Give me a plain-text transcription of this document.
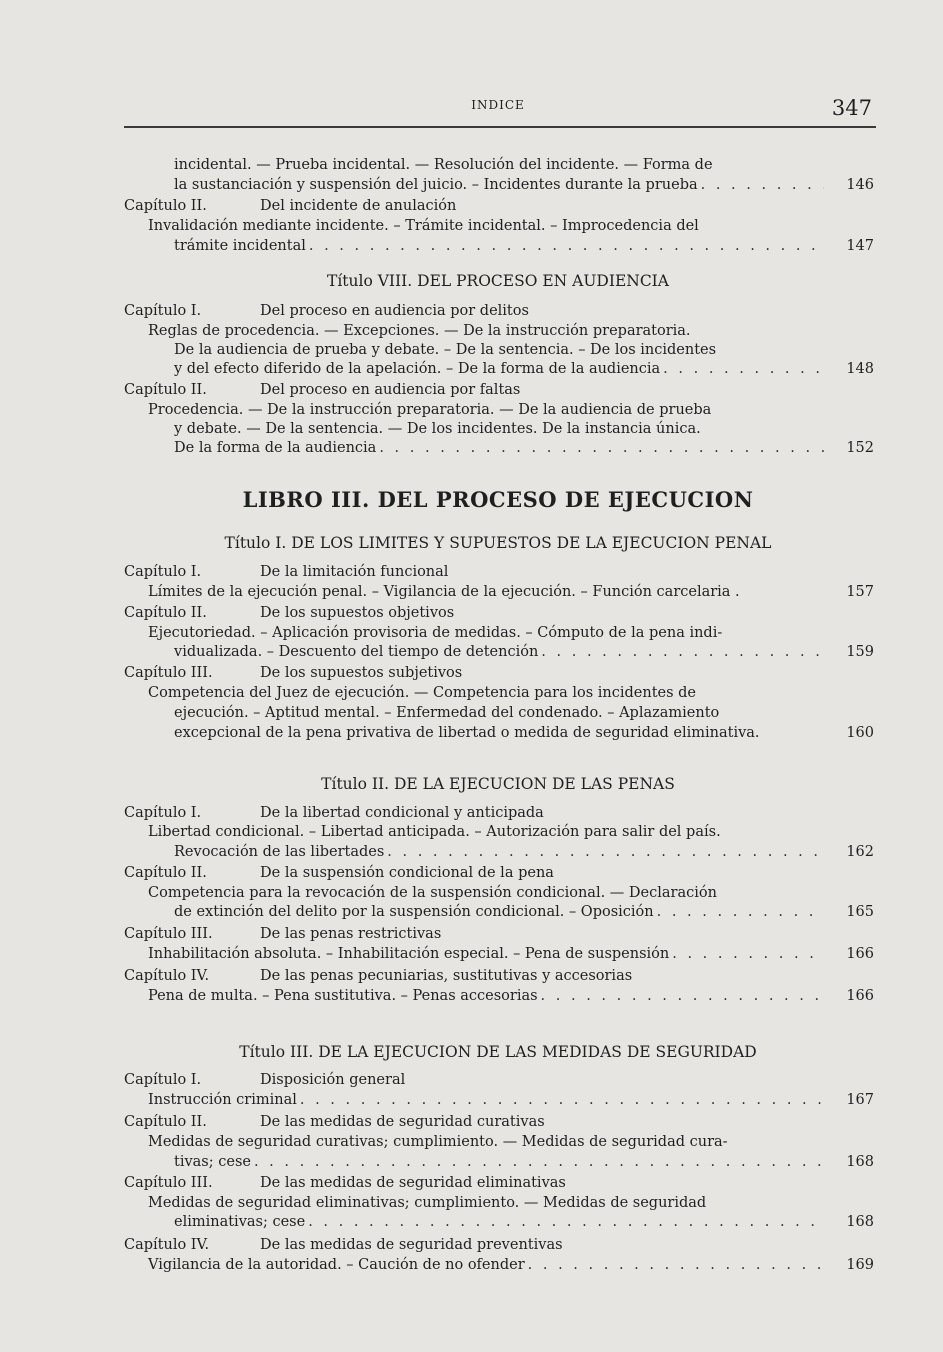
INDICE	347
incidental. — Prueba incidental. — Resolución del incidente. — Forma de
la sustanciación y suspensión del juicio. – Incidentes durante la prueba . . .	146
Capítulo II.	Del incidente de anulación
Invalidación mediante incidente. – Trámite incidental. – Improcedencia del
trámite incidental . . .	147
Título VIII. DEL PROCESO EN AUDIENCIA
Capítulo I.	Del proceso en audiencia por delitos
Reglas de procedencia. — Excepciones. — De la instrucción preparatoria.
De la audiencia de prueba y debate. – De la sentencia. – De los incidentes
y del efecto diferido de la apelación. – De la forma de la audiencia . . .	148
Capítulo II.	Del proceso en audiencia por faltas
Procedencia. — De la instrucción preparatoria. — De la audiencia de prueba
y debate. — De la sentencia. — De los incidentes. De la instancia única.
De la forma de la audiencia . . .	152
LIBRO III. DEL PROCESO DE EJECUCION
Título I. DE LOS LIMITES Y SUPUESTOS DE LA EJECUCION PENAL
Capítulo I.	De la limitación funcional
Límites de la ejecución penal. – Vigilancia de la ejecución. – Función carcelaria .	157
Capítulo II.	De los supuestos objetivos
Ejecutoriedad. – Aplicación provisoria de medidas. – Cómputo de la pena indi-
vidualizada. – Descuento del tiempo de detención . . .	159
Capítulo III.	De los supuestos subjetivos
Competencia del Juez de ejecución. — Competencia para los incidentes de
ejecución. – Aptitud mental. – Enfermedad del condenado. – Aplazamiento
excepcional de la pena privativa de libertad o medida de seguridad eliminativa.	160
Título II. DE LA EJECUCION DE LAS PENAS
Capítulo I.	De la libertad condicional y anticipada
Libertad condicional. – Libertad anticipada. – Autorización para salir del país.
Revocación de las libertades . . .	162
Capítulo II.	De la suspensión condicional de la pena
Competencia para la revocación de la suspensión condicional. — Declaración
de extinción del delito por la suspensión condicional. – Oposición . . .	165
Capítulo III.	De las penas restrictivas
Inhabilitación absoluta. – Inhabilitación especial. – Pena de suspensión . . .	166
Capítulo IV.	De las penas pecuniarias, sustitutivas y accesorias
Pena de multa. – Pena sustitutiva. – Penas accesorias . . .	166
Título III. DE LA EJECUCION DE LAS MEDIDAS DE SEGURIDAD
Capítulo I.	Disposición general
Instrucción criminal . . .	167
Capítulo II.	De las medidas de seguridad curativas
Medidas de seguridad curativas; cumplimiento. — Medidas de seguridad cura-
tivas; cese . . .	168
Capítulo III.	De las medidas de seguridad eliminativas
Medidas de seguridad eliminativas; cumplimiento. — Medidas de seguridad
eliminativas; cese . . .	168
Capítulo IV.	De las medidas de seguridad preventivas
Vigilancia de la autoridad. – Caución de no ofender . . .	169
